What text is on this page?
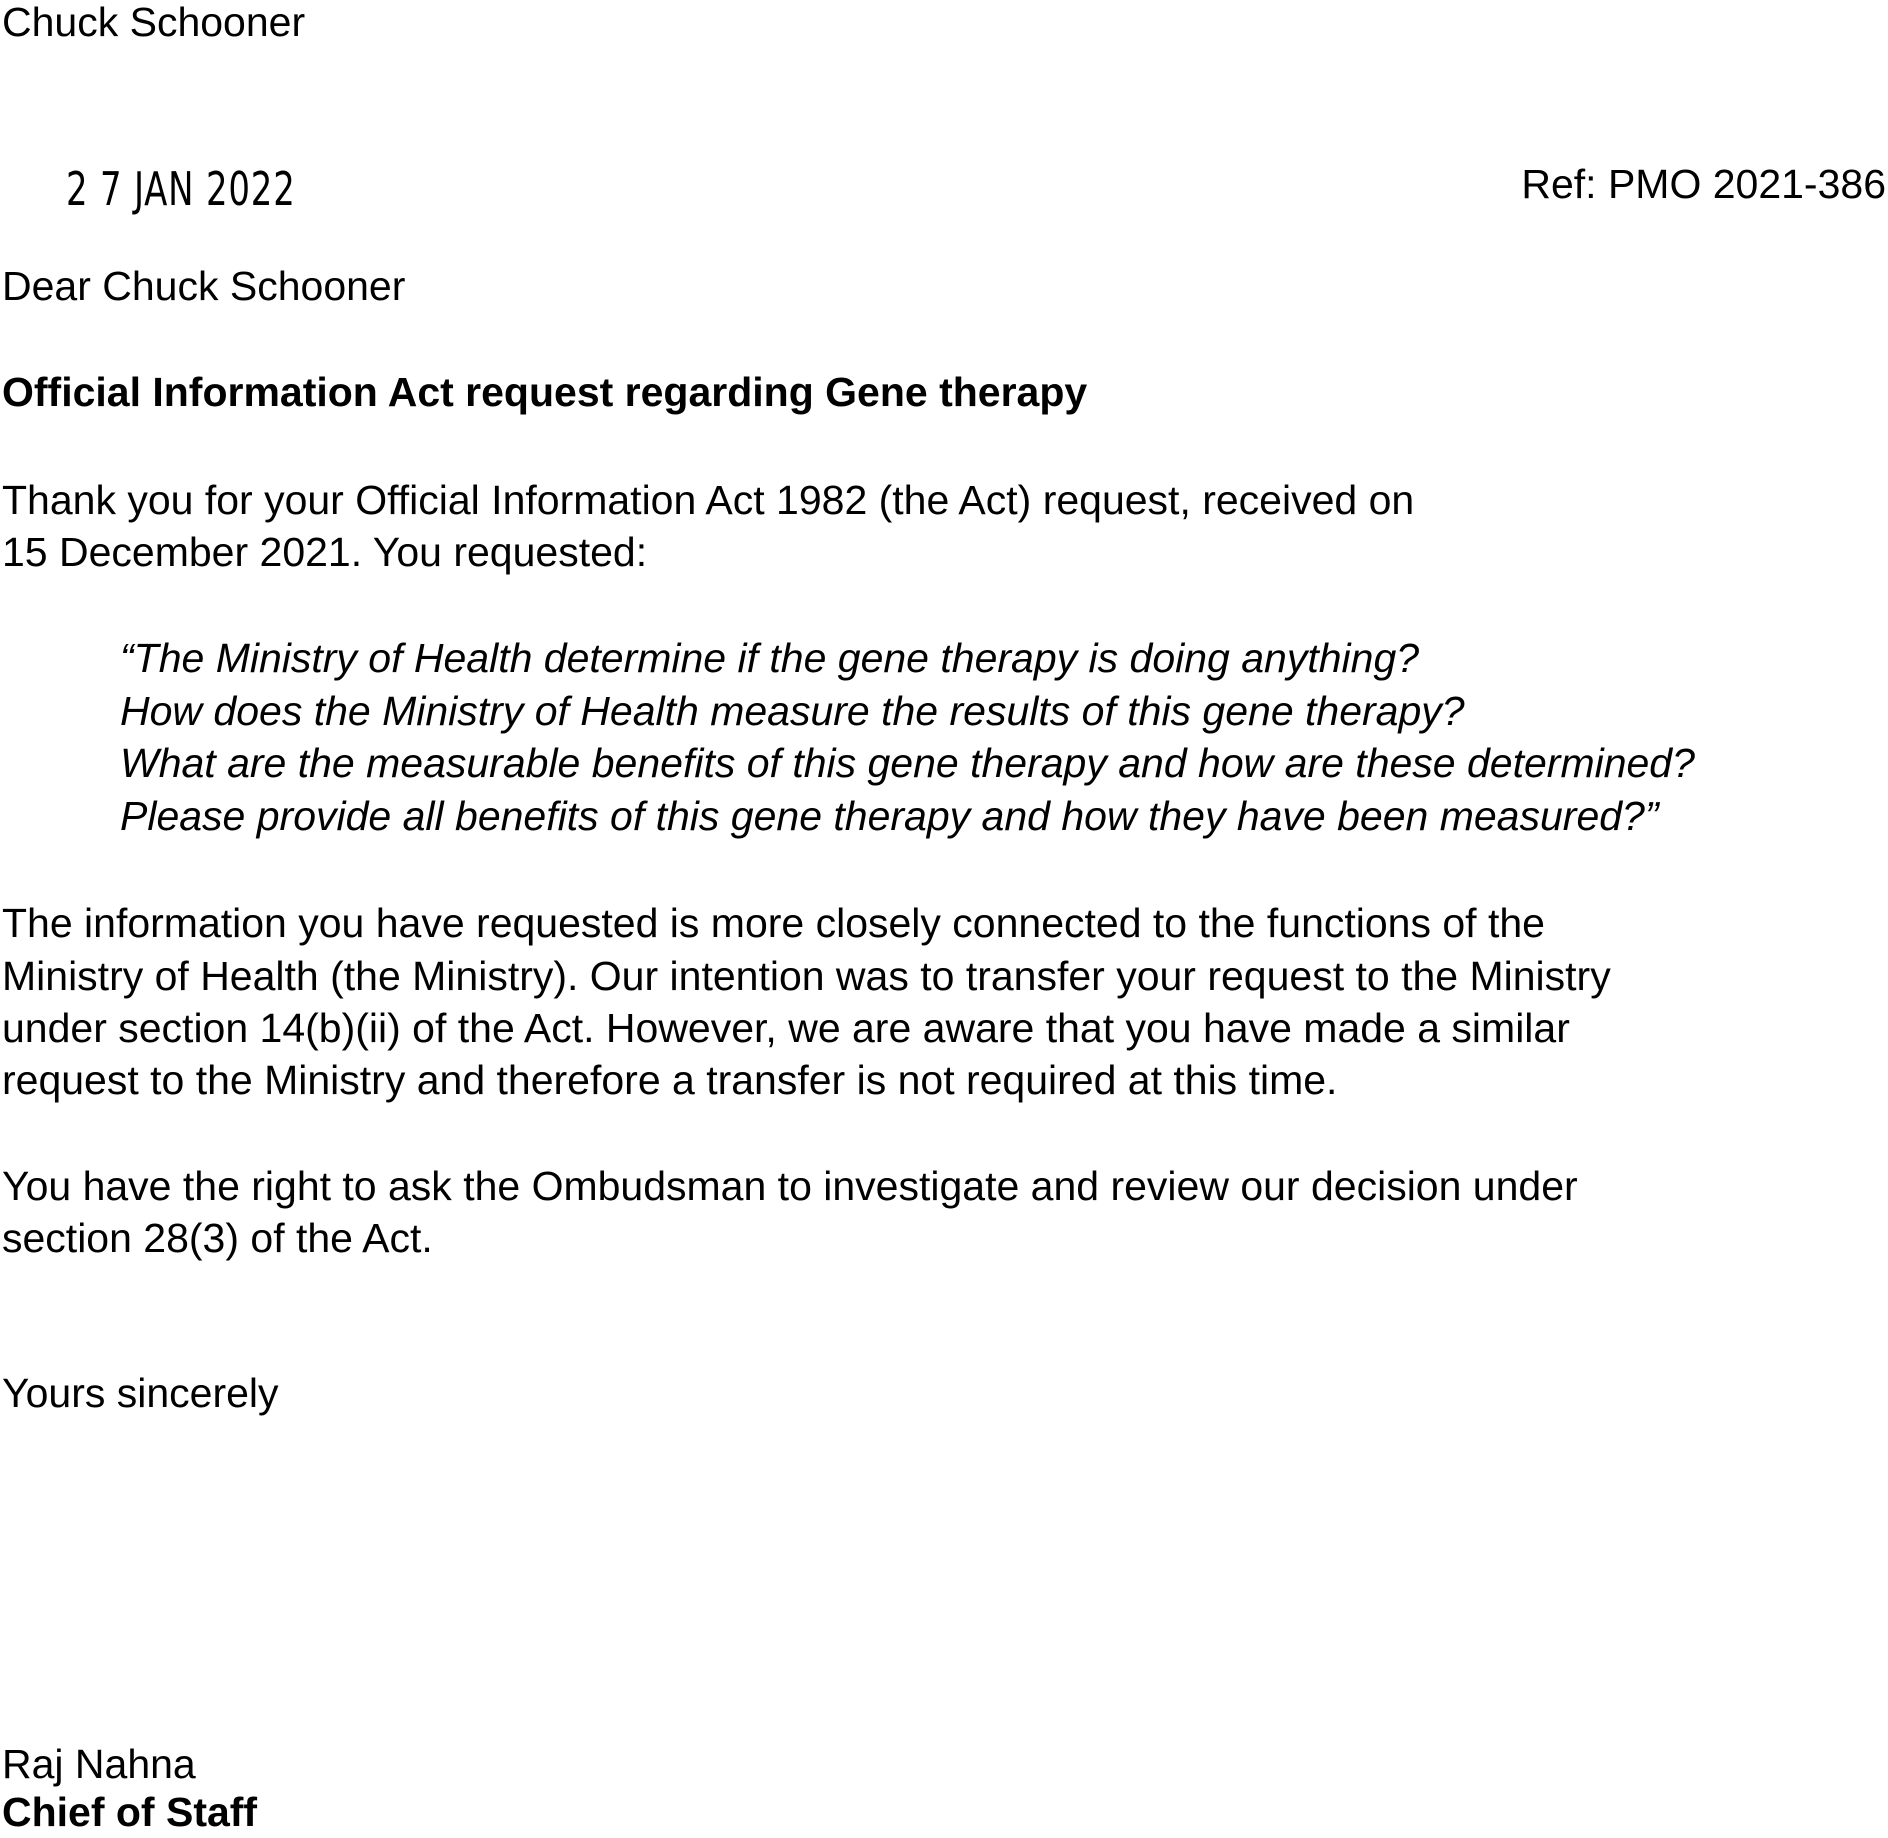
Chuck Schooner
2 7 JAN 2022	Ref: PMO 2021-386
Dear Chuck Schooner
Official Information Act request regarding Gene therapy
Thank you for your Official Information Act 1982 (the Act) request, received on
15 December 2021. You requested:
“The Ministry of Health determine if the gene therapy is doing anything?
How does the Ministry of Health measure the results of this gene therapy?
What are the measurable benefits of this gene therapy and how are these determined?
Please provide all benefits of this gene therapy and how they have been measured?”
The information you have requested is more closely connected to the functions of the
Ministry of Health (the Ministry). Our intention was to transfer your request to the Ministry
under section 14(b)(ii) of the Act. However, we are aware that you have made a similar
request to the Ministry and therefore a transfer is not required at this time.
You have the right to ask the Ombudsman to investigate and review our decision under
section 28(3) of the Act.
Yours sincerely
Raj Nahna
Chief of Staff
